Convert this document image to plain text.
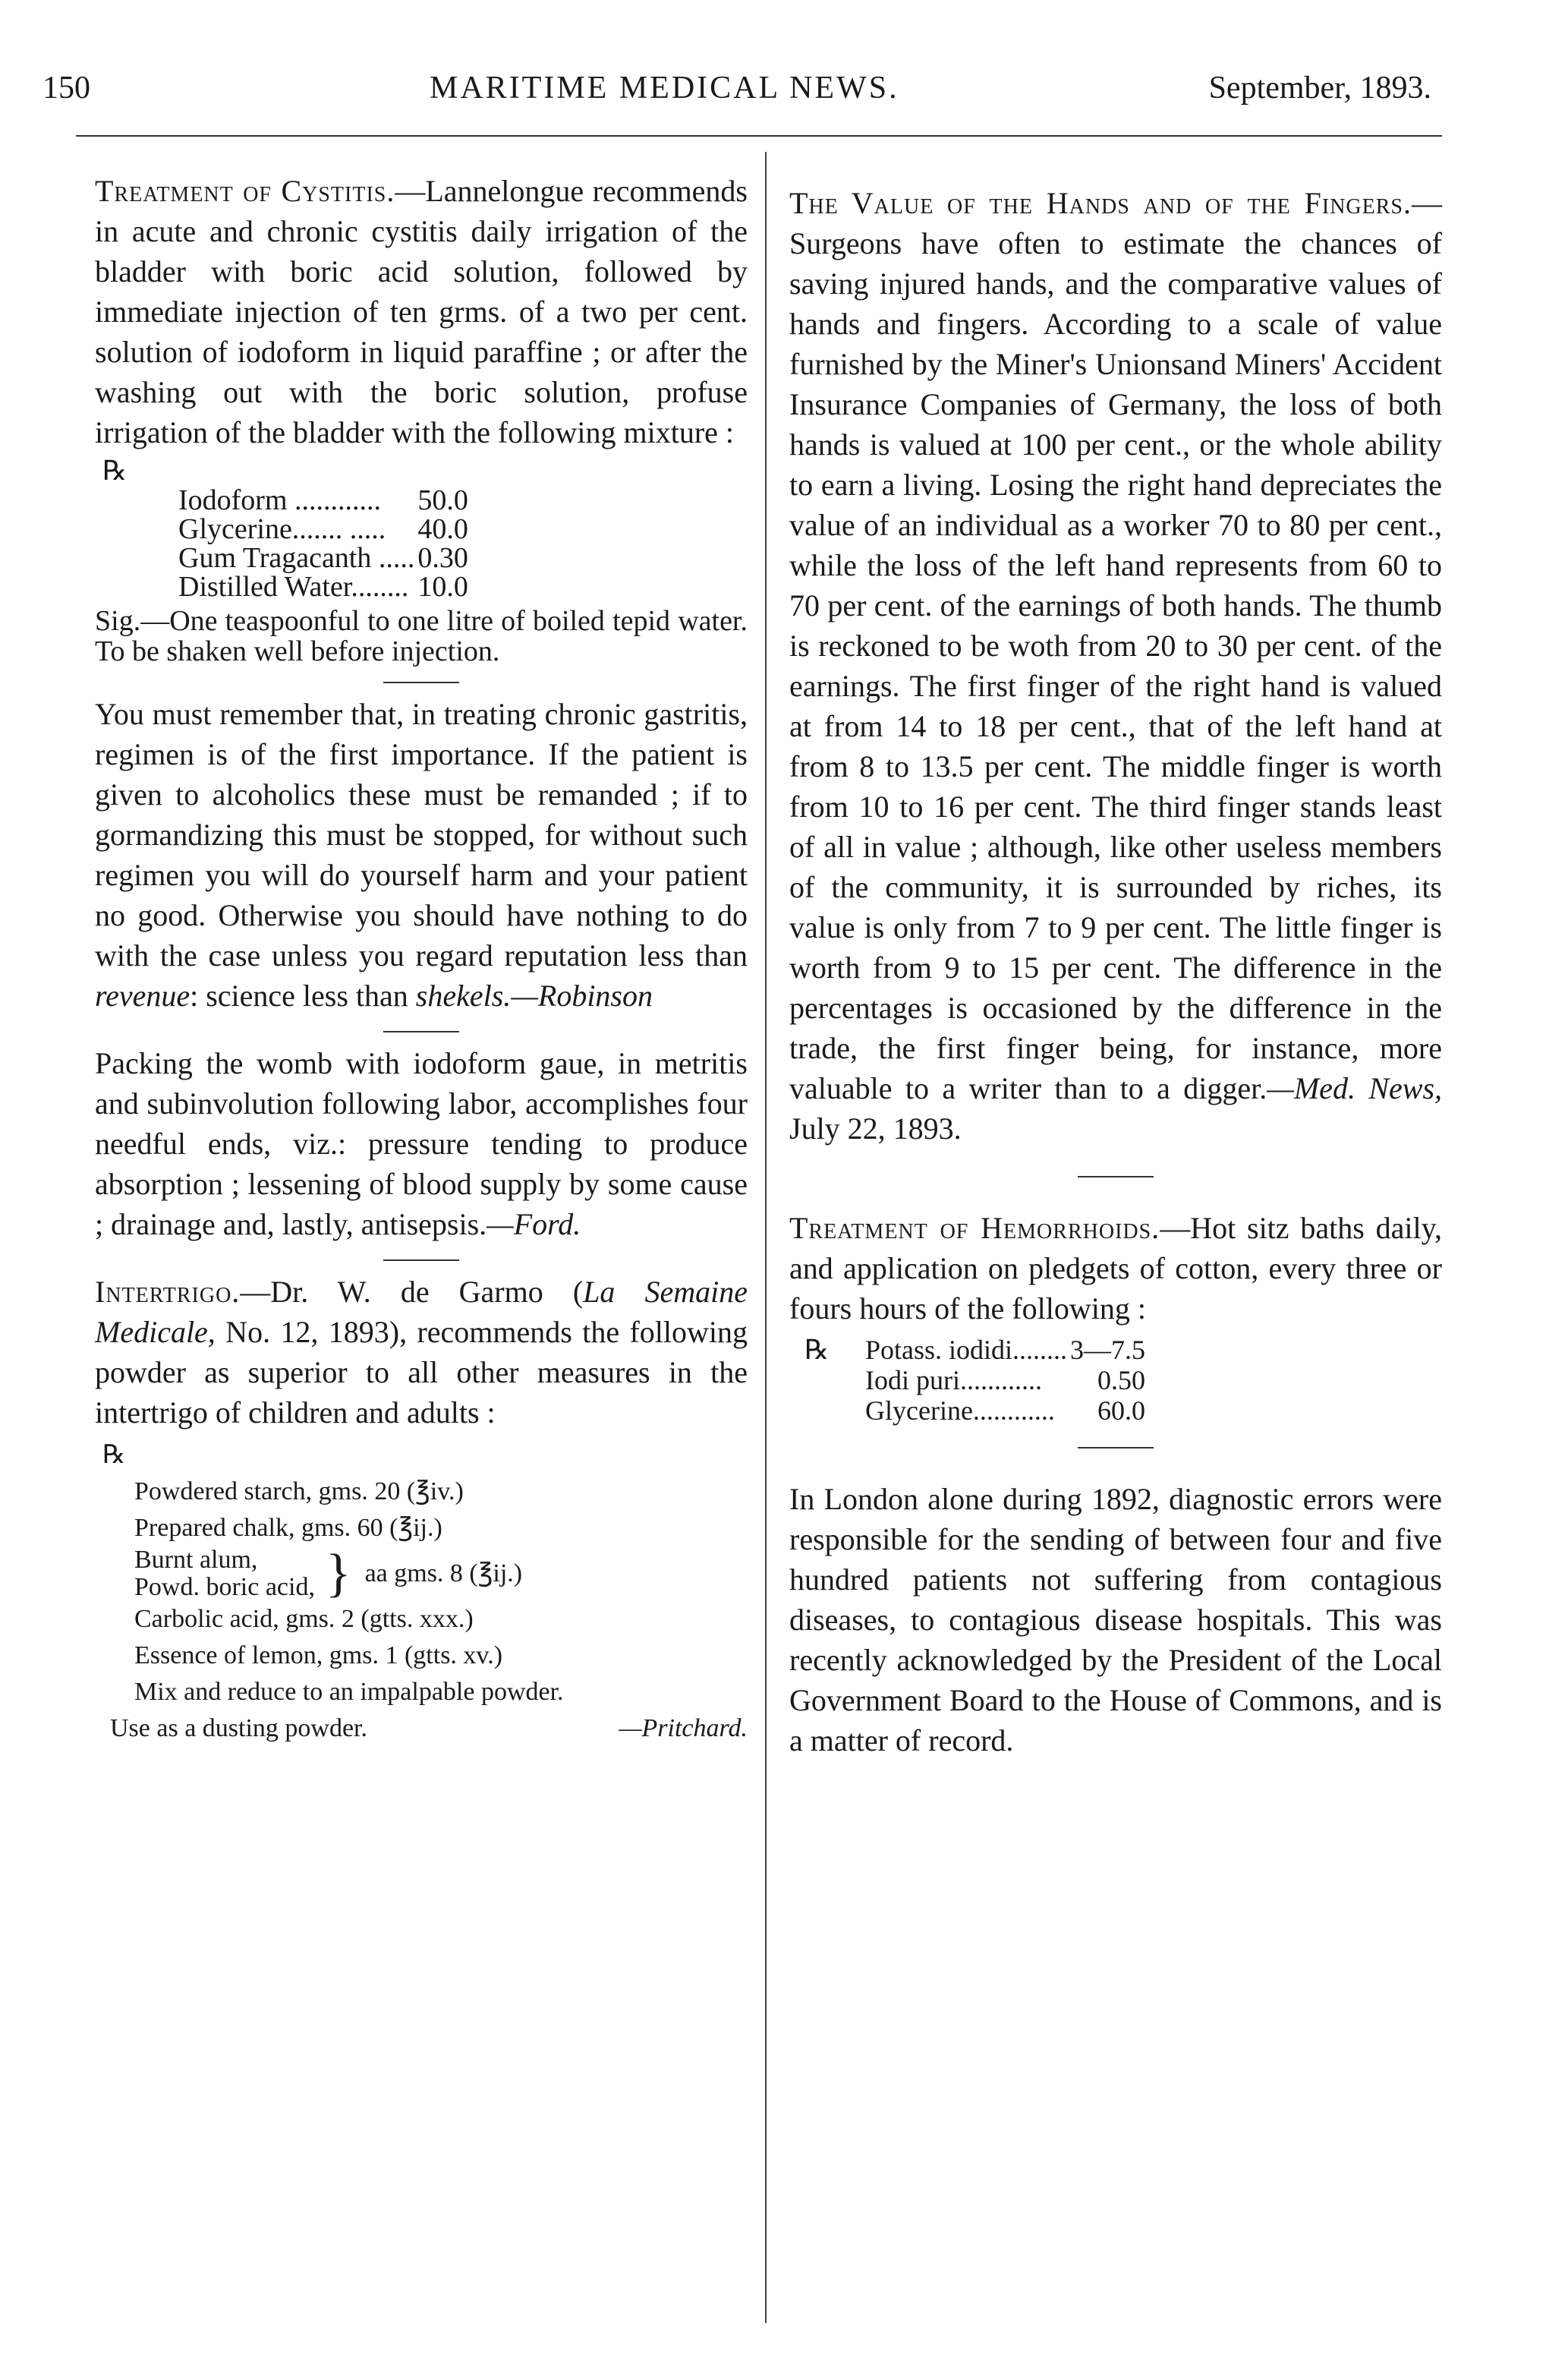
150	MARITIME MEDICAL NEWS.	September, 1893.

Treatment of Cystitis.—Lannelongue recommends in acute and chronic cystitis daily irrigation of the bladder with boric acid solution, followed by immediate injection of ten grms. of a two per cent. solution of iodoform in liquid paraffine ; or after the washing out with the boric solution, profuse irrigation of the bladder with the following mixture :

℞
Iodoform ............	50.0
Glycerine....... .....	40.0
Gum Tragacanth .....	0.30
Distilled Water........	10.0

Sig.—One teaspoonful to one litre of boiled tepid water. To be shaken well before injection.

You must remember that, in treating chronic gastritis, regimen is of the first importance. If the patient is given to alcoholics these must be remanded ; if to gormandizing this must be stopped, for without such regimen you will do yourself harm and your patient no good. Otherwise you should have nothing to do with the case unless you regard reputation less than revenue: science less than shekels.—Robinson

Packing the womb with iodoform gaue, in metritis and subinvolution following labor, accomplishes four needful ends, viz.: pressure tending to produce absorption ; lessening of blood supply by some cause ; drainage and, lastly, antisepsis.—Ford.

Intertrigo.—Dr. W. de Garmo (La Semaine Medicale, No. 12, 1893), recommends the following powder as superior to all other measures in the intertrigo of children and adults :

℞
Powdered starch, gms. 20 (℥iv.)
Prepared chalk, gms. 60 (℥ij.)
Burnt alum,
Powd. boric acid, } aa gms. 8 (℥ij.)
Carbolic acid, gms. 2 (gtts. xxx.)
Essence of lemon, gms. 1 (gtts. xv.)
Mix and reduce to an impalpable powder.
Use as a dusting powder.	—Pritchard.

The Value of the Hands and of the Fingers.—Surgeons have often to estimate the chances of saving injured hands, and the comparative values of hands and fingers. According to a scale of value furnished by the Miner's Unionsand Miners' Accident Insurance Companies of Germany, the loss of both hands is valued at 100 per cent., or the whole ability to earn a living. Losing the right hand depreciates the value of an individual as a worker 70 to 80 per cent., while the loss of the left hand represents from 60 to 70 per cent. of the earnings of both hands. The thumb is reckoned to be woth from 20 to 30 per cent. of the earnings. The first finger of the right hand is valued at from 14 to 18 per cent., that of the left hand at from 8 to 13.5 per cent. The middle finger is worth from 10 to 16 per cent. The third finger stands least of all in value ; although, like other useless members of the community, it is surrounded by riches, its value is only from 7 to 9 per cent. The little finger is worth from 9 to 15 per cent. The difference in the percentages is occasioned by the difference in the trade, the first finger being, for instance, more valuable to a writer than to a digger.—Med. News, July 22, 1893.

Treatment of Hemorrhoids.—Hot sitz baths daily, and application on pledgets of cotton, every three or fours hours of the following :

℞	Potass. iodidi........	3—7.5
Iodi puri............	0.50
Glycerine............	60.0

In London alone during 1892, diagnostic errors were responsible for the sending of between four and five hundred patients not suffering from contagious diseases, to contagious disease hospitals. This was recently acknowledged by the President of the Local Government Board to the House of Commons, and is a matter of record.
